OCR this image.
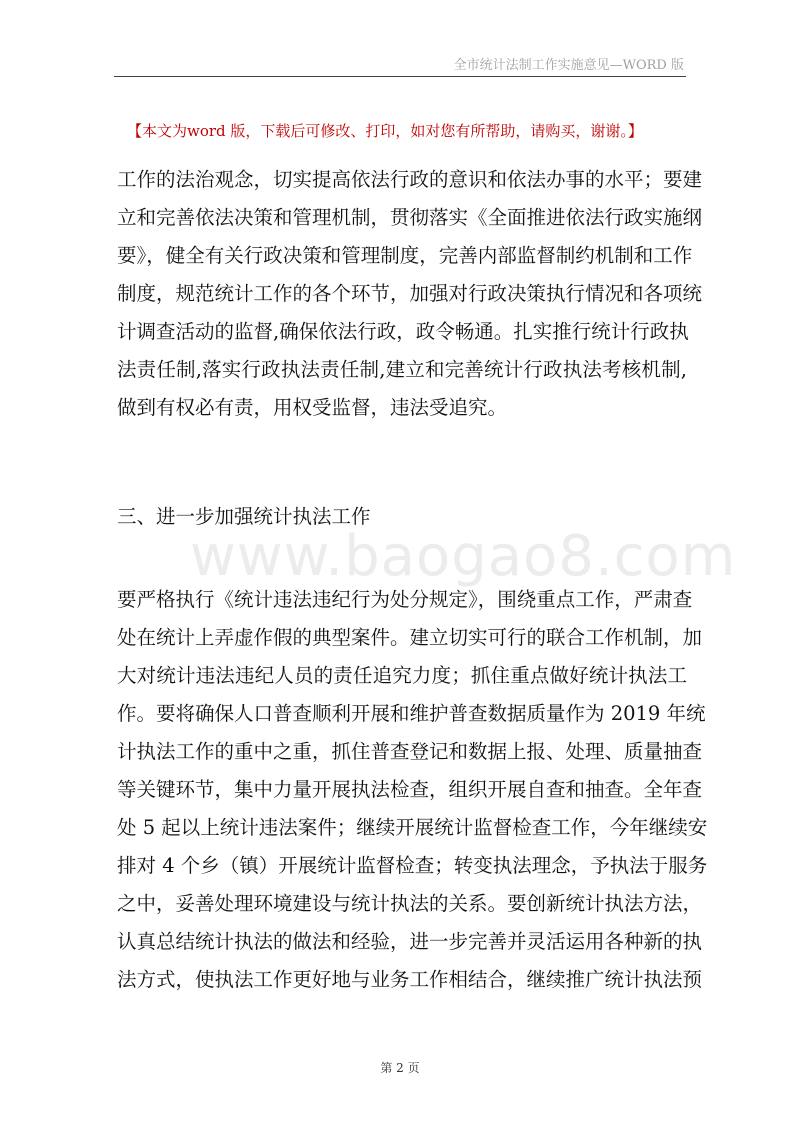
全市统计法制工作实施意见—WORD 版
【本文为word 版，下载后可修改、打印，如对您有所帮助，请购买，谢谢。】
工作的法治观念，切实提高依法行政的意识和依法办事的水平；要建
立和完善依法决策和管理机制，贯彻落实《全面推进依法行政实施纲
要》，健全有关行政决策和管理制度，完善内部监督制约机制和工作
制度，规范统计工作的各个环节，加强对行政决策执行情况和各项统
计调查活动的监督,确保依法行政，政令畅通。扎实推行统计行政执
法责任制,落实行政执法责任制,建立和完善统计行政执法考核机制,
做到有权必有责，用权受监督，违法受追究。
三、进一步加强统计执法工作
www.baogao8.com
要严格执行《统计违法违纪行为处分规定》，围绕重点工作，严肃查
处在统计上弄虚作假的典型案件。建立切实可行的联合工作机制，加
大对统计违法违纪人员的责任追究力度；抓住重点做好统计执法工
作。要将确保人口普查顺利开展和维护普查数据质量作为 2019 年统
计执法工作的重中之重，抓住普查登记和数据上报、处理、质量抽查
等关键环节，集中力量开展执法检查，组织开展自查和抽查。全年查
处 5 起以上统计违法案件；继续开展统计监督检查工作，今年继续安
排对 4 个乡（镇）开展统计监督检查；转变执法理念，予执法于服务
之中，妥善处理环境建设与统计执法的关系。要创新统计执法方法，
认真总结统计执法的做法和经验，进一步完善并灵活运用各种新的执
法方式，使执法工作更好地与业务工作相结合，继续推广统计执法预
第 2 页
